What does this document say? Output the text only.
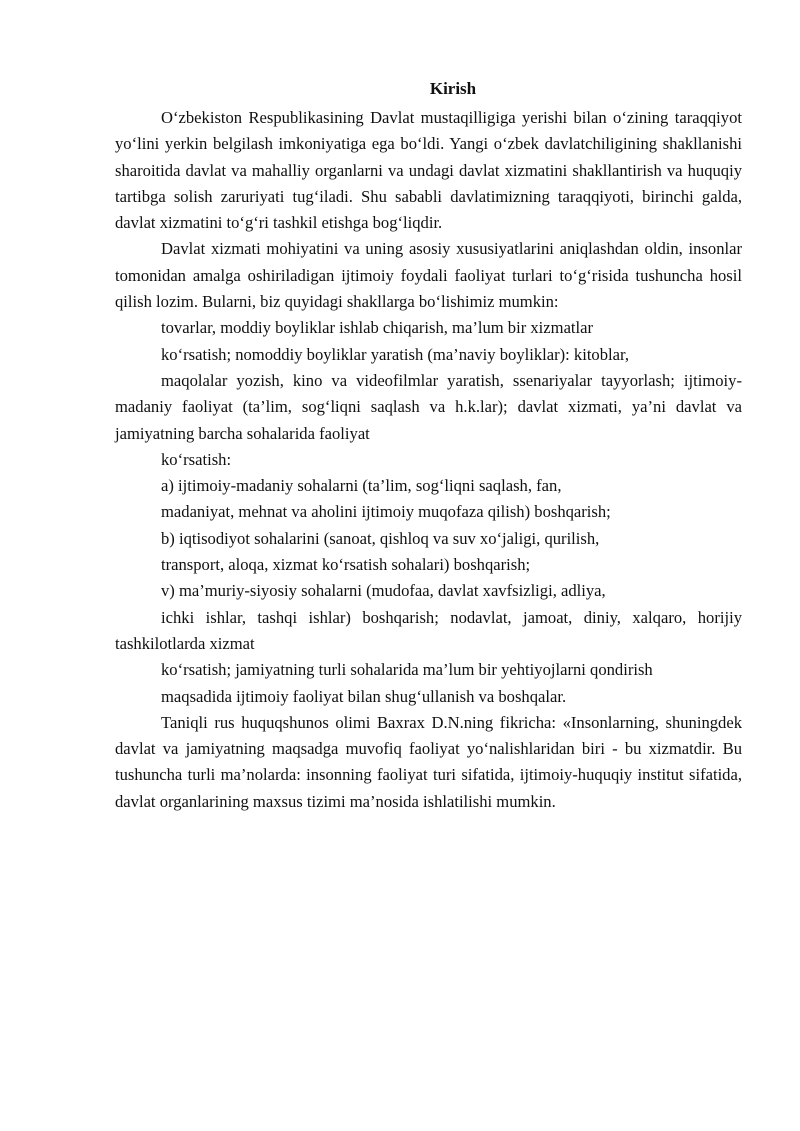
Kirish

O‘zbekiston Respublikasining Davlat mustaqilligiga yerishi bilan o‘zining taraqqiyot yo‘lini yerkin belgilash imkoniyatiga ega bo‘ldi. Yangi o‘zbek davlatchiligining shakllanishi sharoitida davlat va mahalliy organlarni va undagi davlat xizmatini shakllantirish va huquqiy tartibga solish zaruriyati tug‘iladi. Shu sababli davlatimizning taraqqiyoti, birinchi galda, davlat xizmatini to‘g‘ri tashkil etishga bog‘liqdir.

Davlat xizmati mohiyatini va uning asosiy xususiyatlarini aniqlashdan oldin, insonlar tomonidan amalga oshiriladigan ijtimoiy foydali faoliyat turlari to‘g‘risida tushuncha hosil qilish lozim. Bularni, biz quyidagi shakllarga bo‘lishimiz mumkin:

tovarlar, moddiy boyliklar ishlab chiqarish, ma’lum bir xizmatlar

ko‘rsatish; nomoddiy boyliklar yaratish (ma’naviy boyliklar): kitoblar,

maqolalar yozish, kino va videofilmlar yaratish, ssenariyalar tayyorlash; ijtimoiy-madaniy faoliyat (ta’lim, sog‘liqni saqlash va h.k.lar); davlat xizmati, ya’ni davlat va jamiyatning barcha sohalarida faoliyat

ko‘rsatish:

a) ijtimoiy-madaniy sohalarni (ta’lim, sog‘liqni saqlash, fan,

madaniyat, mehnat va aholini ijtimoiy muqofaza qilish) boshqarish;

b) iqtisodiyot sohalarini (sanoat, qishloq va suv xo‘jaligi, qurilish,

transport, aloqa, xizmat ko‘rsatish sohalari) boshqarish;

v) ma’muriy-siyosiy sohalarni (mudofaa, davlat xavfsizligi, adliya,

ichki ishlar, tashqi ishlar) boshqarish; nodavlat, jamoat, diniy, xalqaro, horijiy tashkilotlarda xizmat

ko‘rsatish; jamiyatning turli sohalarida ma’lum bir yehtiyojlarni qondirish

maqsadida ijtimoiy faoliyat bilan shug‘ullanish va boshqalar.

Taniqli rus huquqshunos olimi Baxrax D.N.ning fikricha: «Insonlarning, shuningdek davlat va jamiyatning maqsadga muvofiq faoliyat yo‘nalishlaridan biri - bu xizmatdir. Bu tushuncha turli ma’nolarda: insonning faoliyat turi sifatida, ijtimoiy-huquqiy institut sifatida, davlat organlarining maxsus tizimi ma’nosida ishlatilishi mumkin.
